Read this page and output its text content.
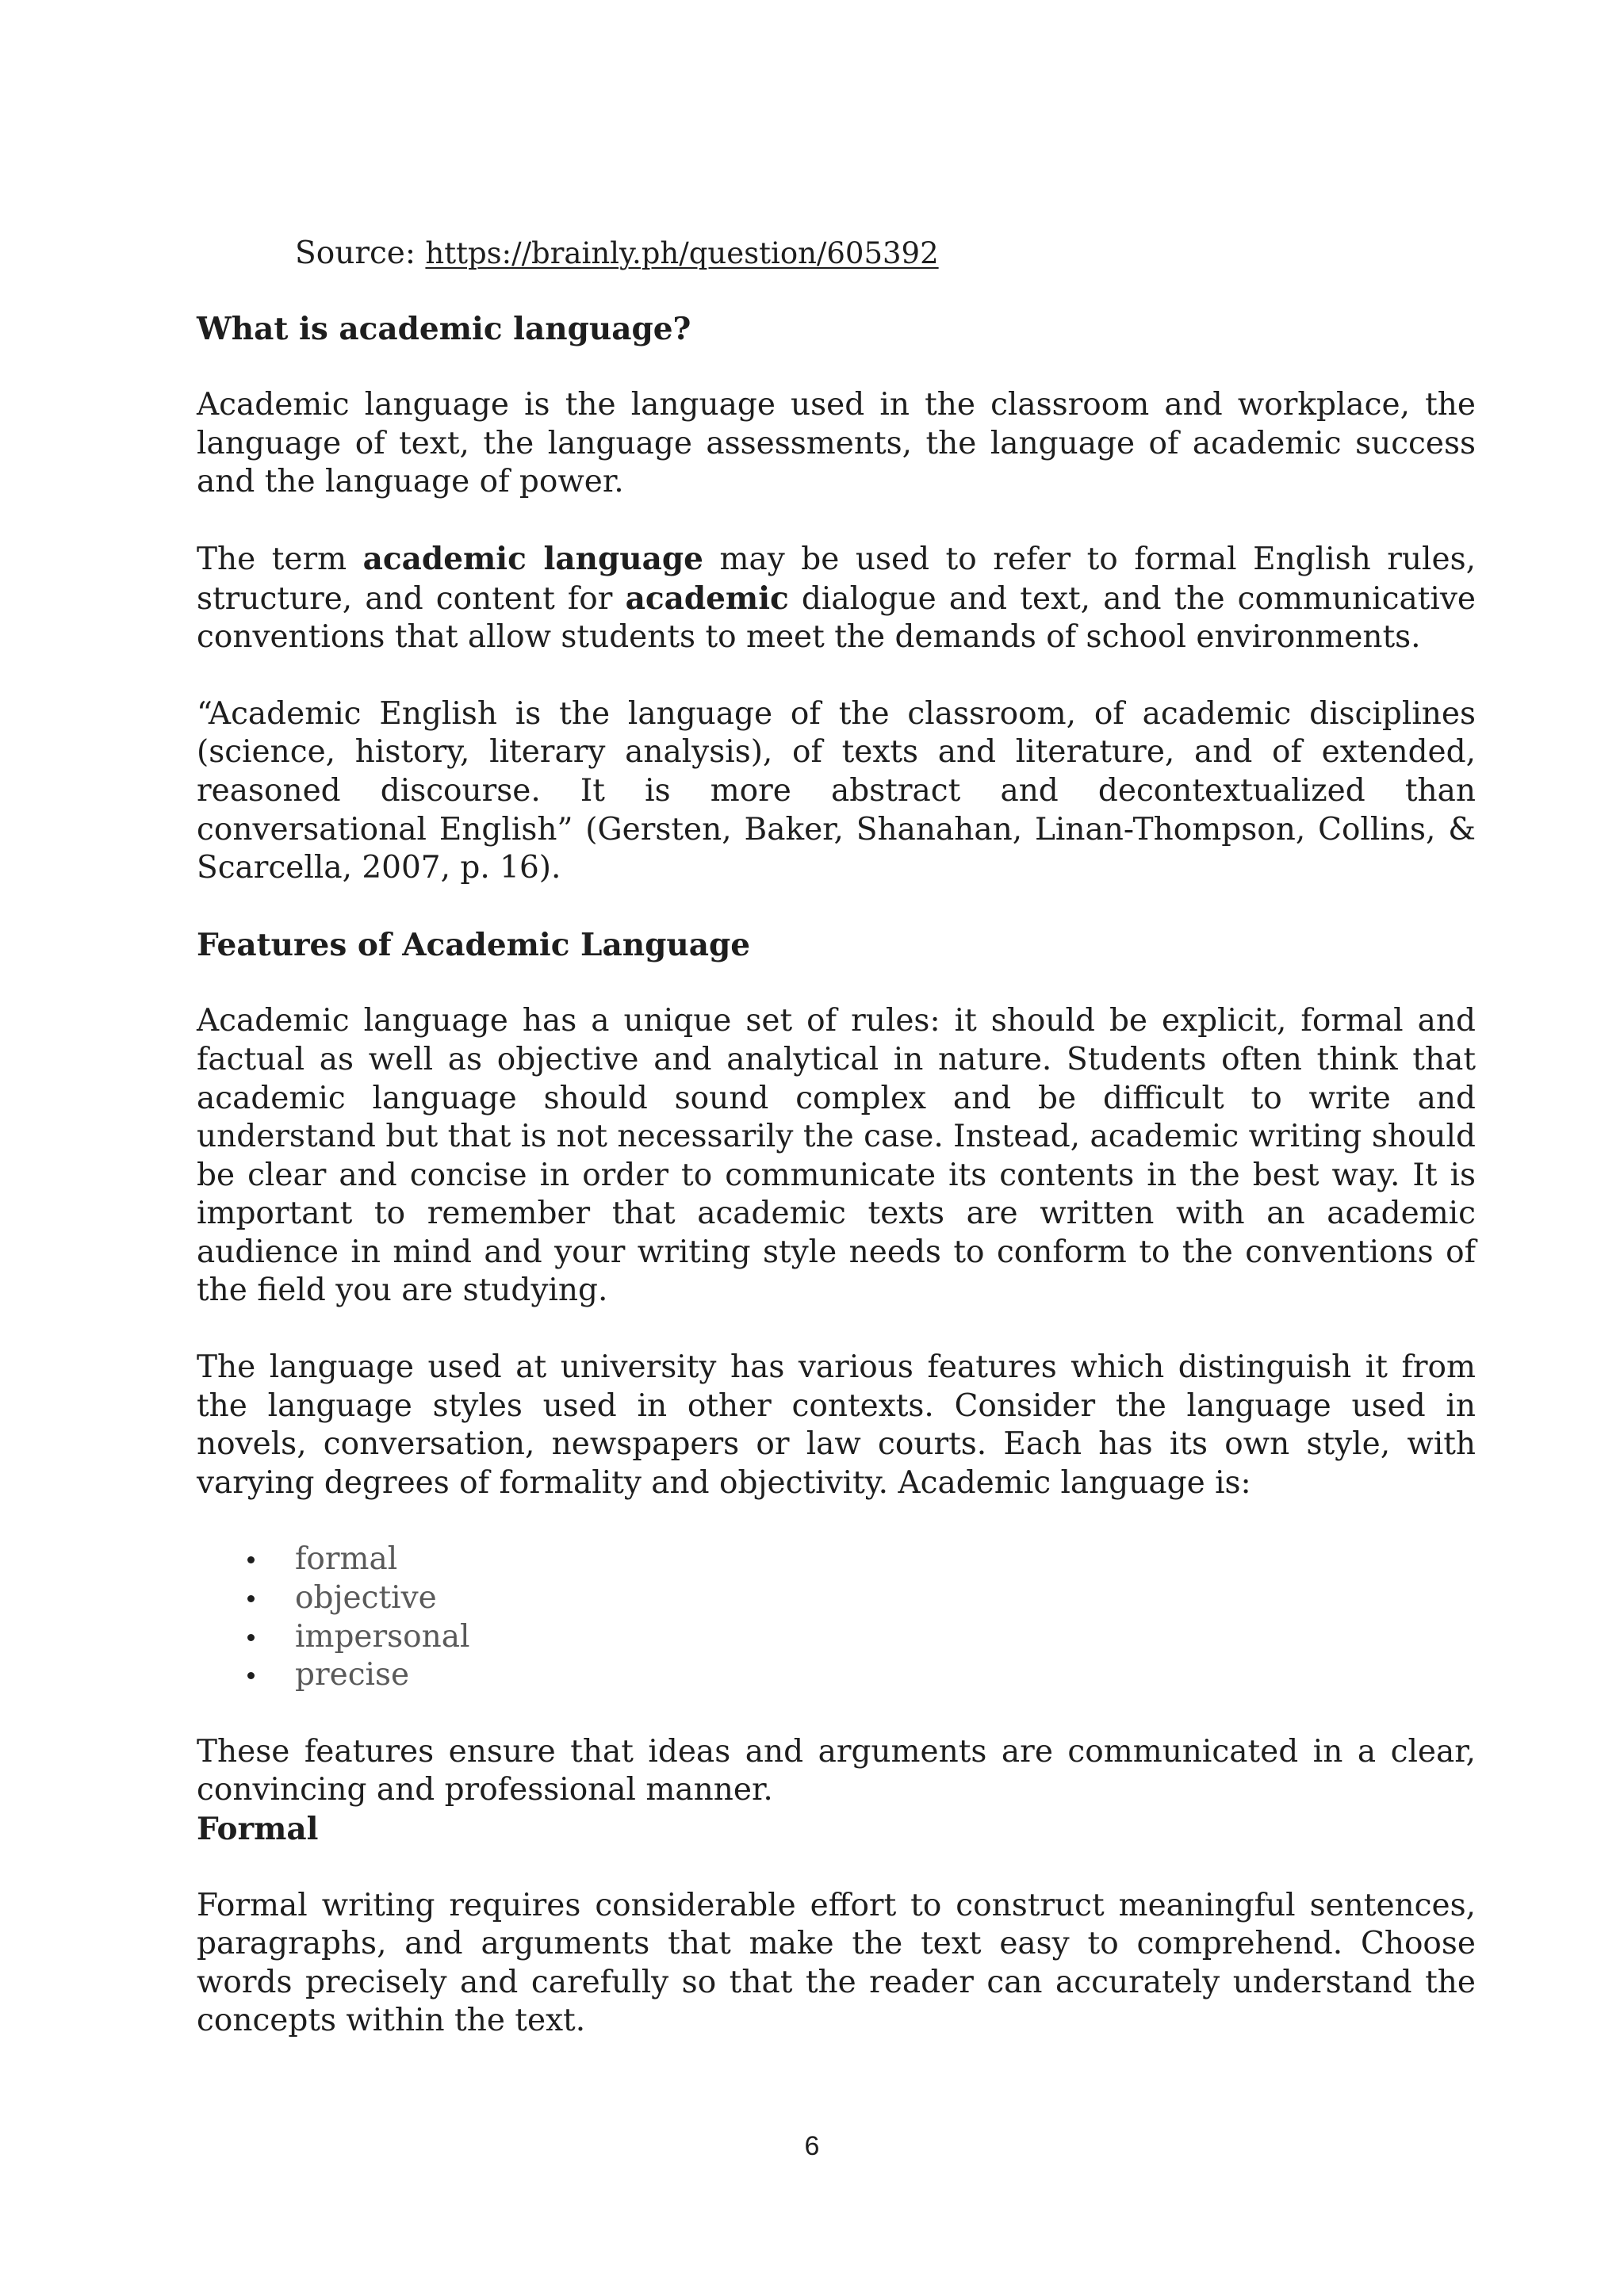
Source: https://brainly.ph/question/605392
What is academic language?

Academic language is the language used in the classroom and workplace, the language of text, the language assessments, the language of academic success and the language of power.

The term academic language may be used to refer to formal English rules, structure, and content for academic dialogue and text, and the communicative conventions that allow students to meet the demands of school environments.

“Academic English is the language of the classroom, of academic disciplines (science, history, literary analysis), of texts and literature, and of extended, reasoned discourse. It is more abstract and decontextualized than conversational English” (Gersten, Baker, Shanahan, Linan-Thompson, Collins, & Scarcella, 2007, p. 16).

Features of Academic Language

Academic language has a unique set of rules: it should be explicit, formal and factual as well as objective and analytical in nature. Students often think that academic language should sound complex and be difficult to write and understand but that is not necessarily the case. Instead, academic writing should be clear and concise in order to communicate its contents in the best way. It is important to remember that academic texts are written with an academic audience in mind and your writing style needs to conform to the conventions of the field you are studying.

The language used at university has various features which distinguish it from the language styles used in other contexts. Consider the language used in novels, conversation, newspapers or law courts. Each has its own style, with varying degrees of formality and objectivity. Academic language is:

formal
objective
impersonal
precise

These features ensure that ideas and arguments are communicated in a clear, convincing and professional manner.

Formal

Formal writing requires considerable effort to construct meaningful sentences, paragraphs, and arguments that make the text easy to comprehend. Choose words precisely and carefully so that the reader can accurately understand the concepts within the text.

6
